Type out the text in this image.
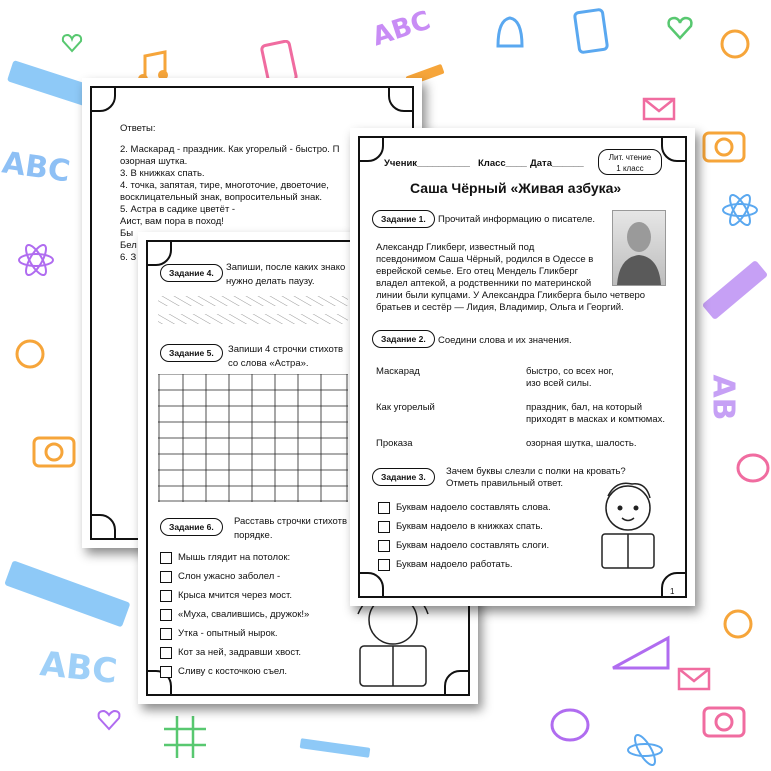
ABC
ABC
ABC
AB
Ответы:
2. Маскарад - праздник. Как угорелый - быстро. П
озорная шутка.
3. В книжках спать.
4. точка, запятая, тире, многоточие, двоеточие,
восклицательный знак, вопросительный знак.
5. Астра в садике цветёт -
Аист, вам пора в поход!
Бы
Бел
6. З
Задание 4.	Запиши, после каких знако
нужно делать паузу.
Задание 5.	Запиши 4 строчки стихотв
со слова «Астра».
Задание 6.	Расставь строчки стихотв
порядке.
Мышь глядит на потолок:
Слон ужасно заболел -
Крыса мчится через мост.
«Муха, свалившись, дружок!»
Утка - опытный нырок.
Кот за ней, задравши хвост.
Сливу с косточкою съел.
Ученик__________ Класс____ Дата______
Лит. чтение
1 класс
Саша Чёрный «Живая азбука»
Задание 1.	Прочитай информацию о писателе.
Александр Гликберг, известный под
псевдонимом Саша Чёрный, родился в Одессе в
еврейской семье. Его отец Мендель Гликберг
владел аптекой, а родственники по материнской
линии были купцами. У Александра Гликберга было четверо
братьев и сестёр — Лидия, Владимир, Ольга и Георгий.
Задание 2.	Соедини слова и их значения.
Маскарад	быстро, со всех ног,
изо всей силы.
Как угорелый	праздник, бал, на который
приходят в масках и комтюмах.
Проказа	озорная шутка, шалость.
Задание 3.	Зачем буквы слезли с полки на кровать?
Отметь правильный ответ.
Буквам надоело составлять слова.
Буквам надоело в книжках спать.
Буквам надоело составлять слоги.
Буквам надоело работать.
1
